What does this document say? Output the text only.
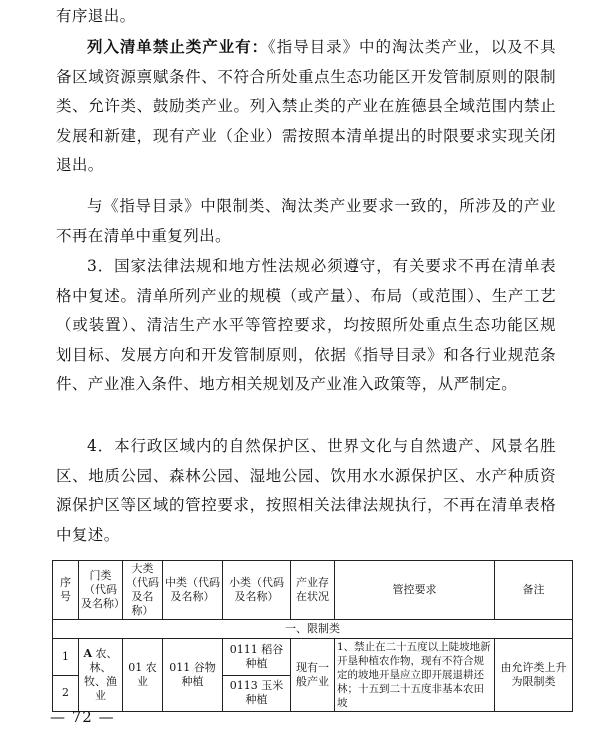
有序退出。

列入清单禁止类产业有：《指导目录》中的淘汰类产业，以及不具备区域资源禀赋条件、不符合所处重点生态功能区开发管制原则的限制类、允许类、鼓励类产业。列入禁止类的产业在旌德县全域范围内禁止发展和新建，现有产业（企业）需按照本清单提出的时限要求实现关闭退出。

与《指导目录》中限制类、淘汰类产业要求一致的，所涉及的产业不再在清单中重复列出。

3．国家法律法规和地方性法规必须遵守，有关要求不再在清单表格中复述。清单所列产业的规模（或产量）、布局（或范围）、生产工艺（或装置）、清洁生产水平等管控要求，均按照所处重点生态功能区规划目标、发展方向和开发管制原则，依据《指导目录》和各行业规范条件、产业准入条件、地方相关规划及产业准入政策等，从严制定。

4．本行政区域内的自然保护区、世界文化与自然遗产、风景名胜区、地质公园、森林公园、湿地公园、饮用水水源保护区、水产种质资源保护区等区域的管控要求，按照相关法律法规执行，不再在清单表格中复述。

序号	门类（代码及名称）	大类（代码及名称）	中类（代码及名称）	小类（代码及名称）	产业存在状况	管控要求	备注
一、限制类							
1	A 农、林、牧、渔业	01 农业	011 谷物种植	0111 稻谷种植	现有一般产业	1、禁止在二十五度以上陡坡地新开垦种植农作物，现有不符合规定的坡地开垦应立即开展退耕还林；十五到二十五度非基本农田坡	由允许类上升为限制类
2				0113 玉米种植			
— 72 —
